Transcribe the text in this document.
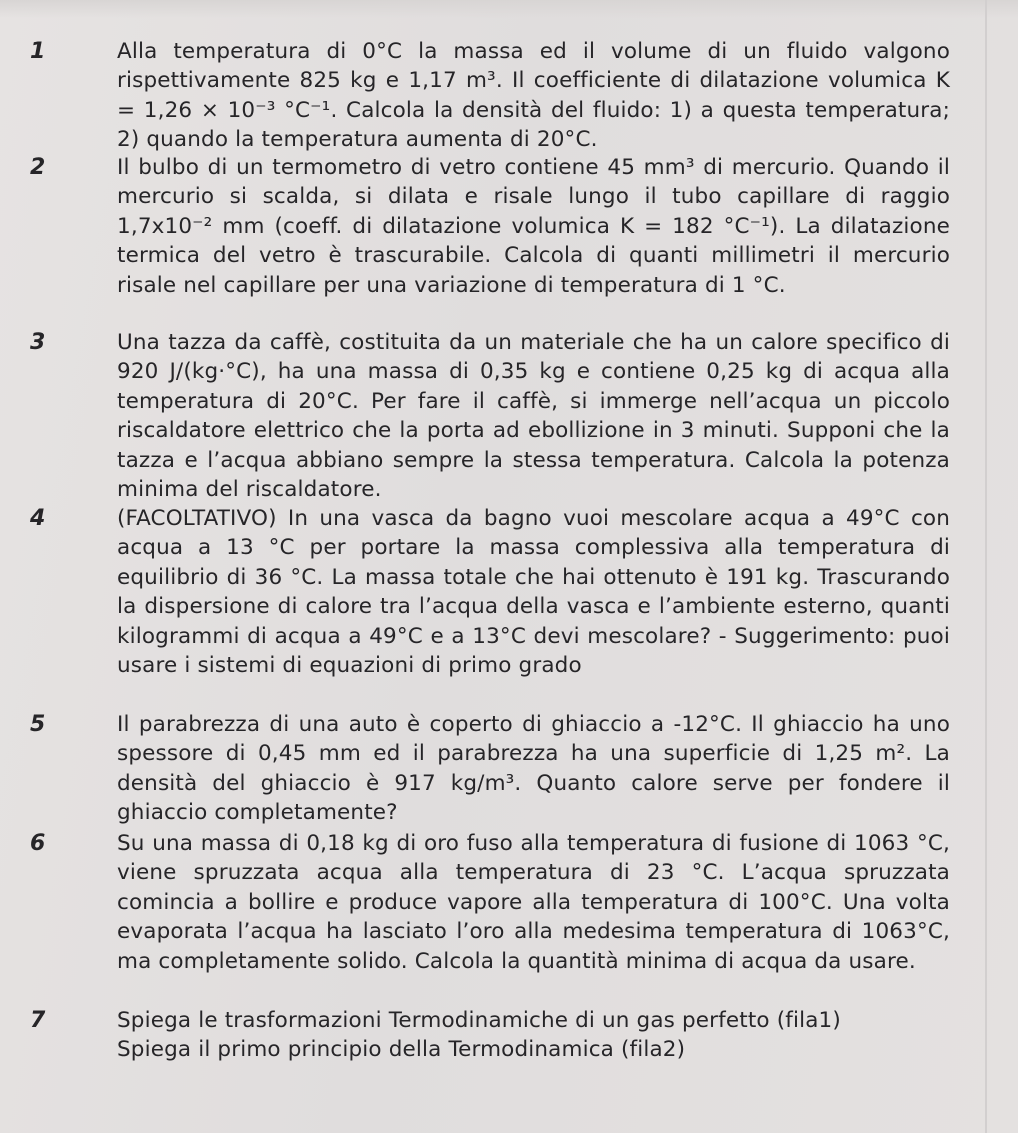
1	Alla temperatura di 0°C la massa ed il volume di un fluido valgono rispettivamente 825 kg e 1,17 m³. Il coefficiente di dilatazione volumica K = 1,26 × 10⁻³ °C⁻¹. Calcola la densità del fluido: 1) a questa temperatura; 2) quando la temperatura aumenta di 20°C.
2	Il bulbo di un termometro di vetro contiene 45 mm³ di mercurio. Quando il mercurio si scalda, si dilata e risale lungo il tubo capillare di raggio 1,7x10⁻² mm (coeff. di dilatazione volumica K = 182 °C⁻¹). La dilatazione termica del vetro è trascurabile. Calcola di quanti millimetri il mercurio risale nel capillare per una variazione di temperatura di 1 °C.
3	Una tazza da caffè, costituita da un materiale che ha un calore specifico di 920 J/(kg·°C), ha una massa di 0,35 kg e contiene 0,25 kg di acqua alla temperatura di 20°C. Per fare il caffè, si immerge nell’acqua un piccolo riscaldatore elettrico che la porta ad ebollizione in 3 minuti. Supponi che la tazza e l’acqua abbiano sempre la stessa temperatura. Calcola la potenza minima del riscaldatore.
4	(FACOLTATIVO) In una vasca da bagno vuoi mescolare acqua a 49°C con acqua a 13 °C per portare la massa complessiva alla temperatura di equilibrio di 36 °C. La massa totale che hai ottenuto è 191 kg. Trascurando la dispersione di calore tra l’acqua della vasca e l’ambiente esterno, quanti kilogrammi di acqua a 49°C e a 13°C devi mescolare? - Suggerimento: puoi usare i sistemi di equazioni di primo grado
5	Il parabrezza di una auto è coperto di ghiaccio a -12°C. Il ghiaccio ha uno spessore di 0,45 mm ed il parabrezza ha una superficie di 1,25 m². La densità del ghiaccio è 917 kg/m³. Quanto calore serve per fondere il ghiaccio completamente?
6	Su una massa di 0,18 kg di oro fuso alla temperatura di fusione di 1063 °C, viene spruzzata acqua alla temperatura di 23 °C. L’acqua spruzzata comincia a bollire e produce vapore alla temperatura di 100°C. Una volta evaporata l’acqua ha lasciato l’oro alla medesima temperatura di 1063°C, ma completamente solido. Calcola la quantità minima di acqua da usare.
7	Spiega le trasformazioni Termodinamiche di un gas perfetto (fila1)
Spiega il primo principio della Termodinamica (fila2)
